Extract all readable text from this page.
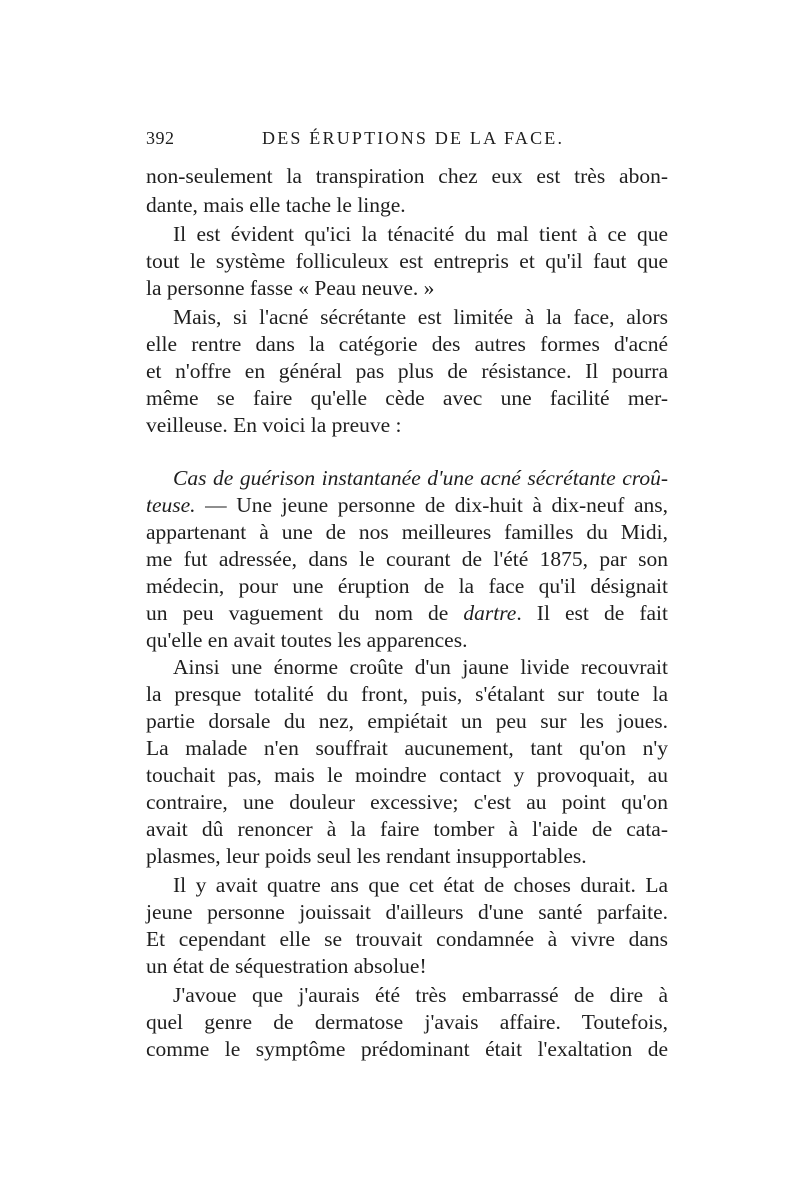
392	DES ÉRUPTIONS DE LA FACE.
non-seulement la transpiration chez eux est très abon-
dante, mais elle tache le linge.
Il est évident qu'ici la ténacité du mal tient à ce que
tout le système folliculeux est entrepris et qu'il faut que
la personne fasse « Peau neuve. »
Mais, si l'acné sécrétante est limitée à la face, alors
elle rentre dans la catégorie des autres formes d'acné
et n'offre en général pas plus de résistance. Il pourra
même se faire qu'elle cède avec une facilité mer-
veilleuse. En voici la preuve :
Cas de guérison instantanée d'une acné sécrétante croû-
teuse. — Une jeune personne de dix-huit à dix-neuf ans,
appartenant à une de nos meilleures familles du Midi,
me fut adressée, dans le courant de l'été 1875, par son
médecin, pour une éruption de la face qu'il désignait
un peu vaguement du nom de dartre. Il est de fait
qu'elle en avait toutes les apparences.
Ainsi une énorme croûte d'un jaune livide recouvrait
la presque totalité du front, puis, s'étalant sur toute la
partie dorsale du nez, empiétait un peu sur les joues.
La malade n'en souffrait aucunement, tant qu'on n'y
touchait pas, mais le moindre contact y provoquait, au
contraire, une douleur excessive; c'est au point qu'on
avait dû renoncer à la faire tomber à l'aide de cata-
plasmes, leur poids seul les rendant insupportables.
Il y avait quatre ans que cet état de choses durait. La
jeune personne jouissait d'ailleurs d'une santé parfaite.
Et cependant elle se trouvait condamnée à vivre dans
un état de séquestration absolue!
J'avoue que j'aurais été très embarrassé de dire à
quel genre de dermatose j'avais affaire. Toutefois,
comme le symptôme prédominant était l'exaltation de
